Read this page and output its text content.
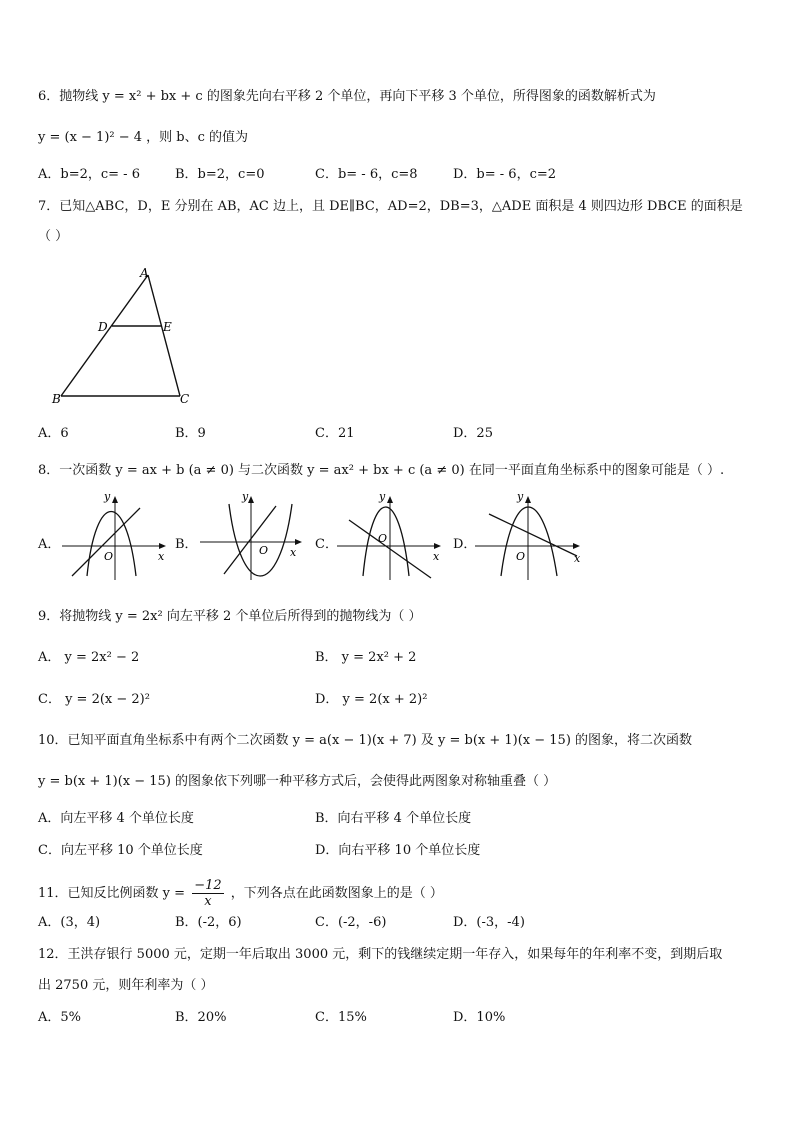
6．抛物线 y = x² + bx + c 的图象先向右平移 2 个单位，再向下平移 3 个单位，所得图象的函数解析式为
y = (x − 1)² − 4 ，则 b、c 的值为
A．b=2，c= - 6	B．b=2，c=0	C．b= - 6，c=8	D．b= - 6，c=2
7．已知△ABC，D，E 分别在 AB，AC 边上，且 DE∥BC，AD=2，DB=3，△ADE 面积是 4 则四边形 DBCE 的面积是
（ ）
A
D	E
B	C
A．6	B．9	C．21	D．25
8．一次函数 y = ax + b (a ≠ 0) 与二次函数 y = ax² + bx + c (a ≠ 0) 在同一平面直角坐标系中的图象可能是（ ）.
A．
y
x
O
B．
y
x
O	C．
y
x
O	D．
y
x
O
9．将抛物线 y = 2x² 向左平移 2 个单位后所得到的抛物线为（ ）
A． y = 2x² − 2	B． y = 2x² + 2
C． y = 2(x − 2)²	D． y = 2(x + 2)²
10．已知平面直角坐标系中有两个二次函数 y = a(x − 1)(x + 7) 及 y = b(x + 1)(x − 15) 的图象，将二次函数
y = b(x + 1)(x − 15) 的图象依下列哪一种平移方式后，会使得此两图象对称轴重叠（ ）
A．向左平移 4 个单位长度	B．向右平移 4 个单位长度
C．向左平移 10 个单位长度	D．向右平移 10 个单位长度
11．已知反比例函数 $y = \frac{-12}{x}$ ，下列各点在此函数图象上的是（ ）
A．(3，4)	B．(-2，6)	C．(-2，-6)	D．(-3，-4)
12．王洪存银行 5000 元，定期一年后取出 3000 元，剩下的钱继续定期一年存入，如果每年的年利率不变，到期后取
出 2750 元，则年利率为（ ）
A．5%	B．20%	C．15%	D．10%
